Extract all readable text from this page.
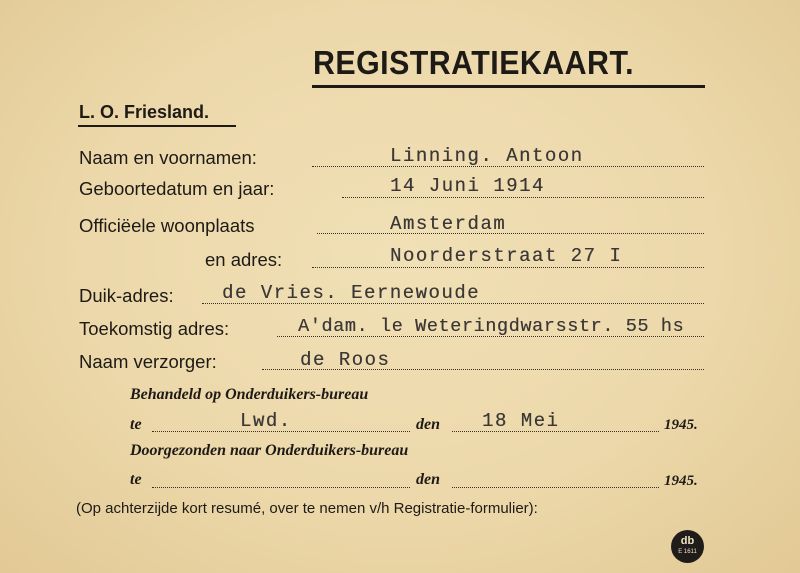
REGISTRATIEKAART.
L. O. Friesland.
Naam en voornamen:	Linning. Antoon
Geboortedatum en jaar:	14 Juni 1914
Officiëele woonplaats	Amsterdam
en adres:	Noorderstraat 27 I
Duik-adres:	de Vries. Eernewoude
Toekomstig adres:	A'dam. le Weteringdwarsstr. 55 hs
Naam verzorger:	de Roos
Behandeld op Onderduikers-bureau
te	Lwd.	den 18 Mei	1945.
Doorgezonden naar Onderduikers-bureau
te	den	1945.
(Op achterzijde kort resumé, over te nemen v/h Registratie-formulier):
db
E 1611
